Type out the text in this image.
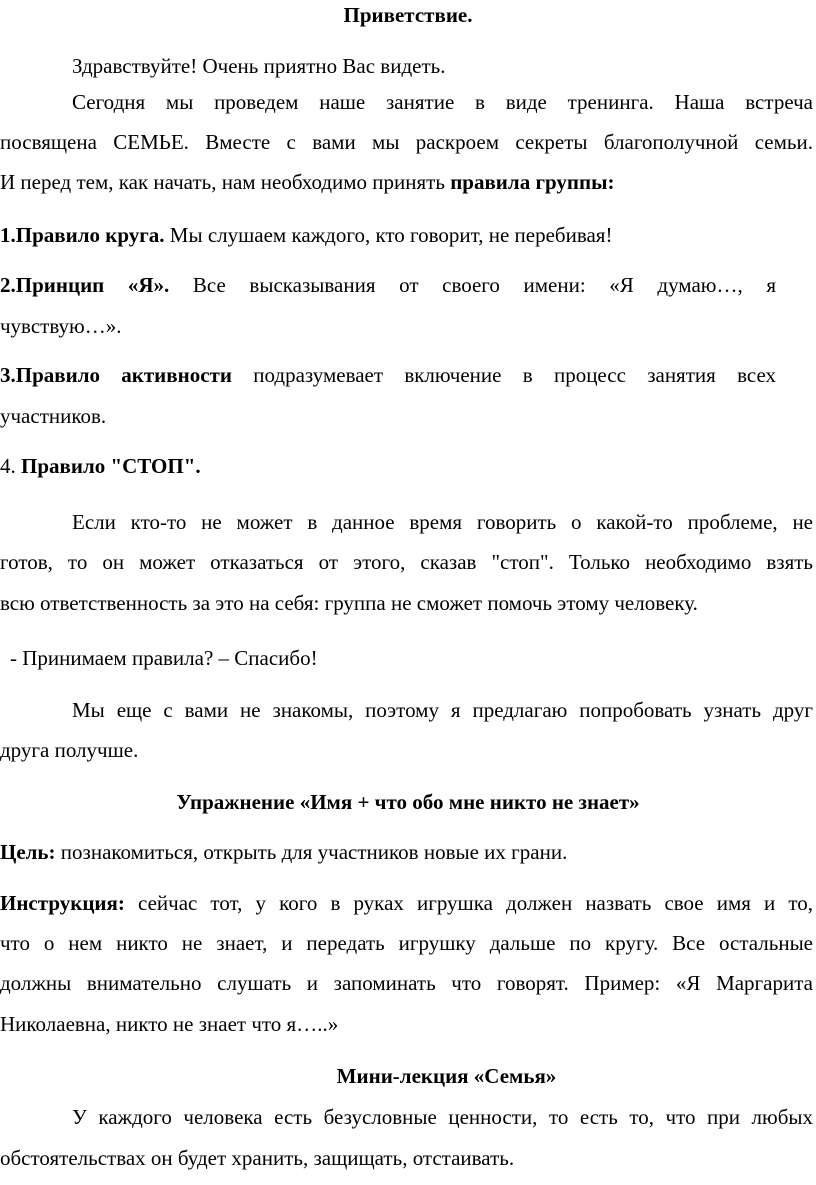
Приветствие.
Здравствуйте! Очень приятно Вас видеть.
Сегодня мы проведем наше занятие в виде тренинга. Наша встреча
посвящена СЕМЬЕ. Вместе с вами мы раскроем секреты благополучной семьи.
И перед тем, как начать, нам необходимо принять правила группы:
1.Правило круга. Мы слушаем каждого, кто говорит, не перебивая!
2.Принцип «Я». Все высказывания от своего имени: «Я думаю…, я
чувствую…».
3.Правило активности подразумевает включение в процесс занятия всех
участников.
4. Правило "СТОП".
Если кто-то не может в данное время говорить о какой-то проблеме, не
готов, то он может отказаться от этого, сказав "стоп". Только необходимо взять
всю ответственность за это на себя: группа не сможет помочь этому человеку.
- Принимаем правила? – Спасибо!
Мы еще с вами не знакомы, поэтому я предлагаю попробовать узнать друг
друга получше.
Упражнение «Имя + что обо мне никто не знает»
Цель: познакомиться, открыть для участников новые их грани.
Инструкция: сейчас тот, у кого в руках игрушка должен назвать свое имя и то,
что о нем никто не знает, и передать игрушку дальше по кругу. Все остальные
должны внимательно слушать и запоминать что говорят. Пример: «Я Маргарита
Николаевна, никто не знает что я…..»
Мини-лекция «Семья»
У каждого человека есть безусловные ценности, то есть то, что при любых
обстоятельствах он будет хранить, защищать, отстаивать.
